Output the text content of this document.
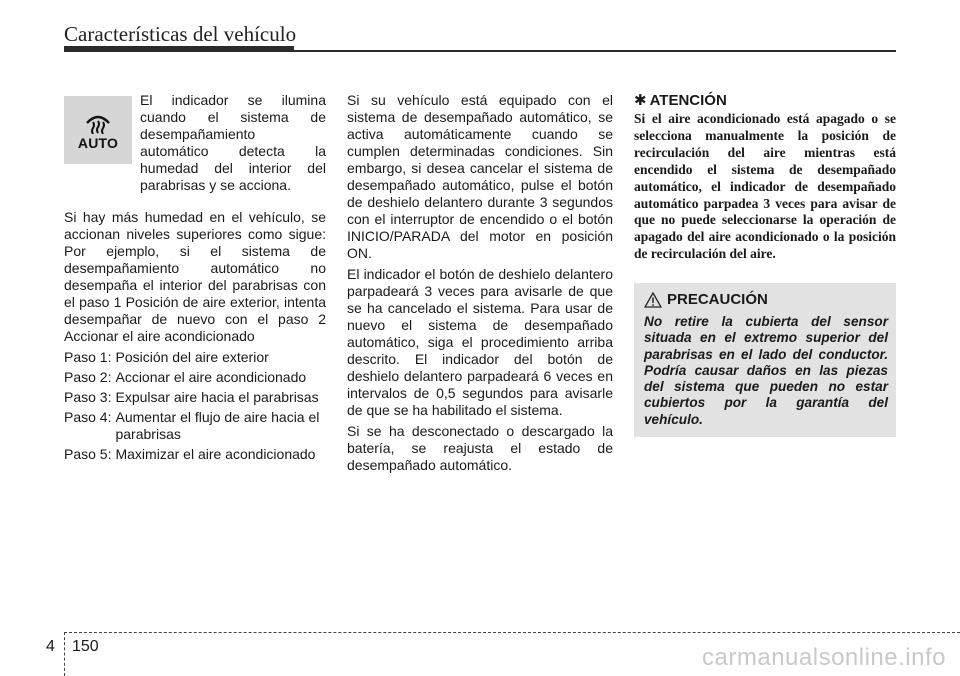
Características del vehículo
AUTO
El indicador se ilumina cuando el sistema de desempañamiento automático detecta la humedad del interior del parabrisas y se acciona.

Si hay más humedad en el vehículo, se accionan niveles superiores como sigue: Por ejemplo, si el sistema de desempañamiento automático no desempaña el interior del parabrisas con el paso 1 Posición de aire exterior, intenta desempañar de nuevo con el paso 2 Accionar el aire acondicionado

Paso 1: Posición del aire exterior
Paso 2: Accionar el aire acondicionado
Paso 3: Expulsar aire hacia el parabrisas
Paso 4: Aumentar el flujo de aire hacia el parabrisas
Paso 5: Maximizar el aire acondicionado

Si su vehículo está equipado con el sistema de desempañado automático, se activa automáticamente cuando se cumplen determinadas condiciones. Sin embargo, si desea cancelar el sistema de desempañado automático, pulse el botón de deshielo delantero durante 3 segundos con el interruptor de encendido o el botón INICIO/PARADA del motor en posición ON.

El indicador el botón de deshielo delantero parpadeará 3 veces para avisarle de que se ha cancelado el sistema. Para usar de nuevo el sistema de desempañado automático, siga el procedimiento arriba descrito. El indicador del botón de deshielo delantero parpadeará 6 veces en intervalos de 0,5 segundos para avisarle de que se ha habilitado el sistema.

Si se ha desconectado o descargado la batería, se reajusta el estado de desempañado automático.

✱ ATENCIÓN

Si el aire acondicionado está apagado o se selecciona manualmente la posición de recirculación del aire mientras está encendido el sistema de desempañado automático, el indicador de desempañado automático parpadea 3 veces para avisar de que no puede seleccionarse la operación de apagado del aire acondicionado o la posición de recirculación del aire.

PRECAUCIÓN
No retire la cubierta del sensor situada en el extremo superior del parabrisas en el lado del conductor. Podría causar daños en las piezas del sistema que pueden no estar cubiertos por la garantía del vehículo.
4 150	carmanualsonline.info
